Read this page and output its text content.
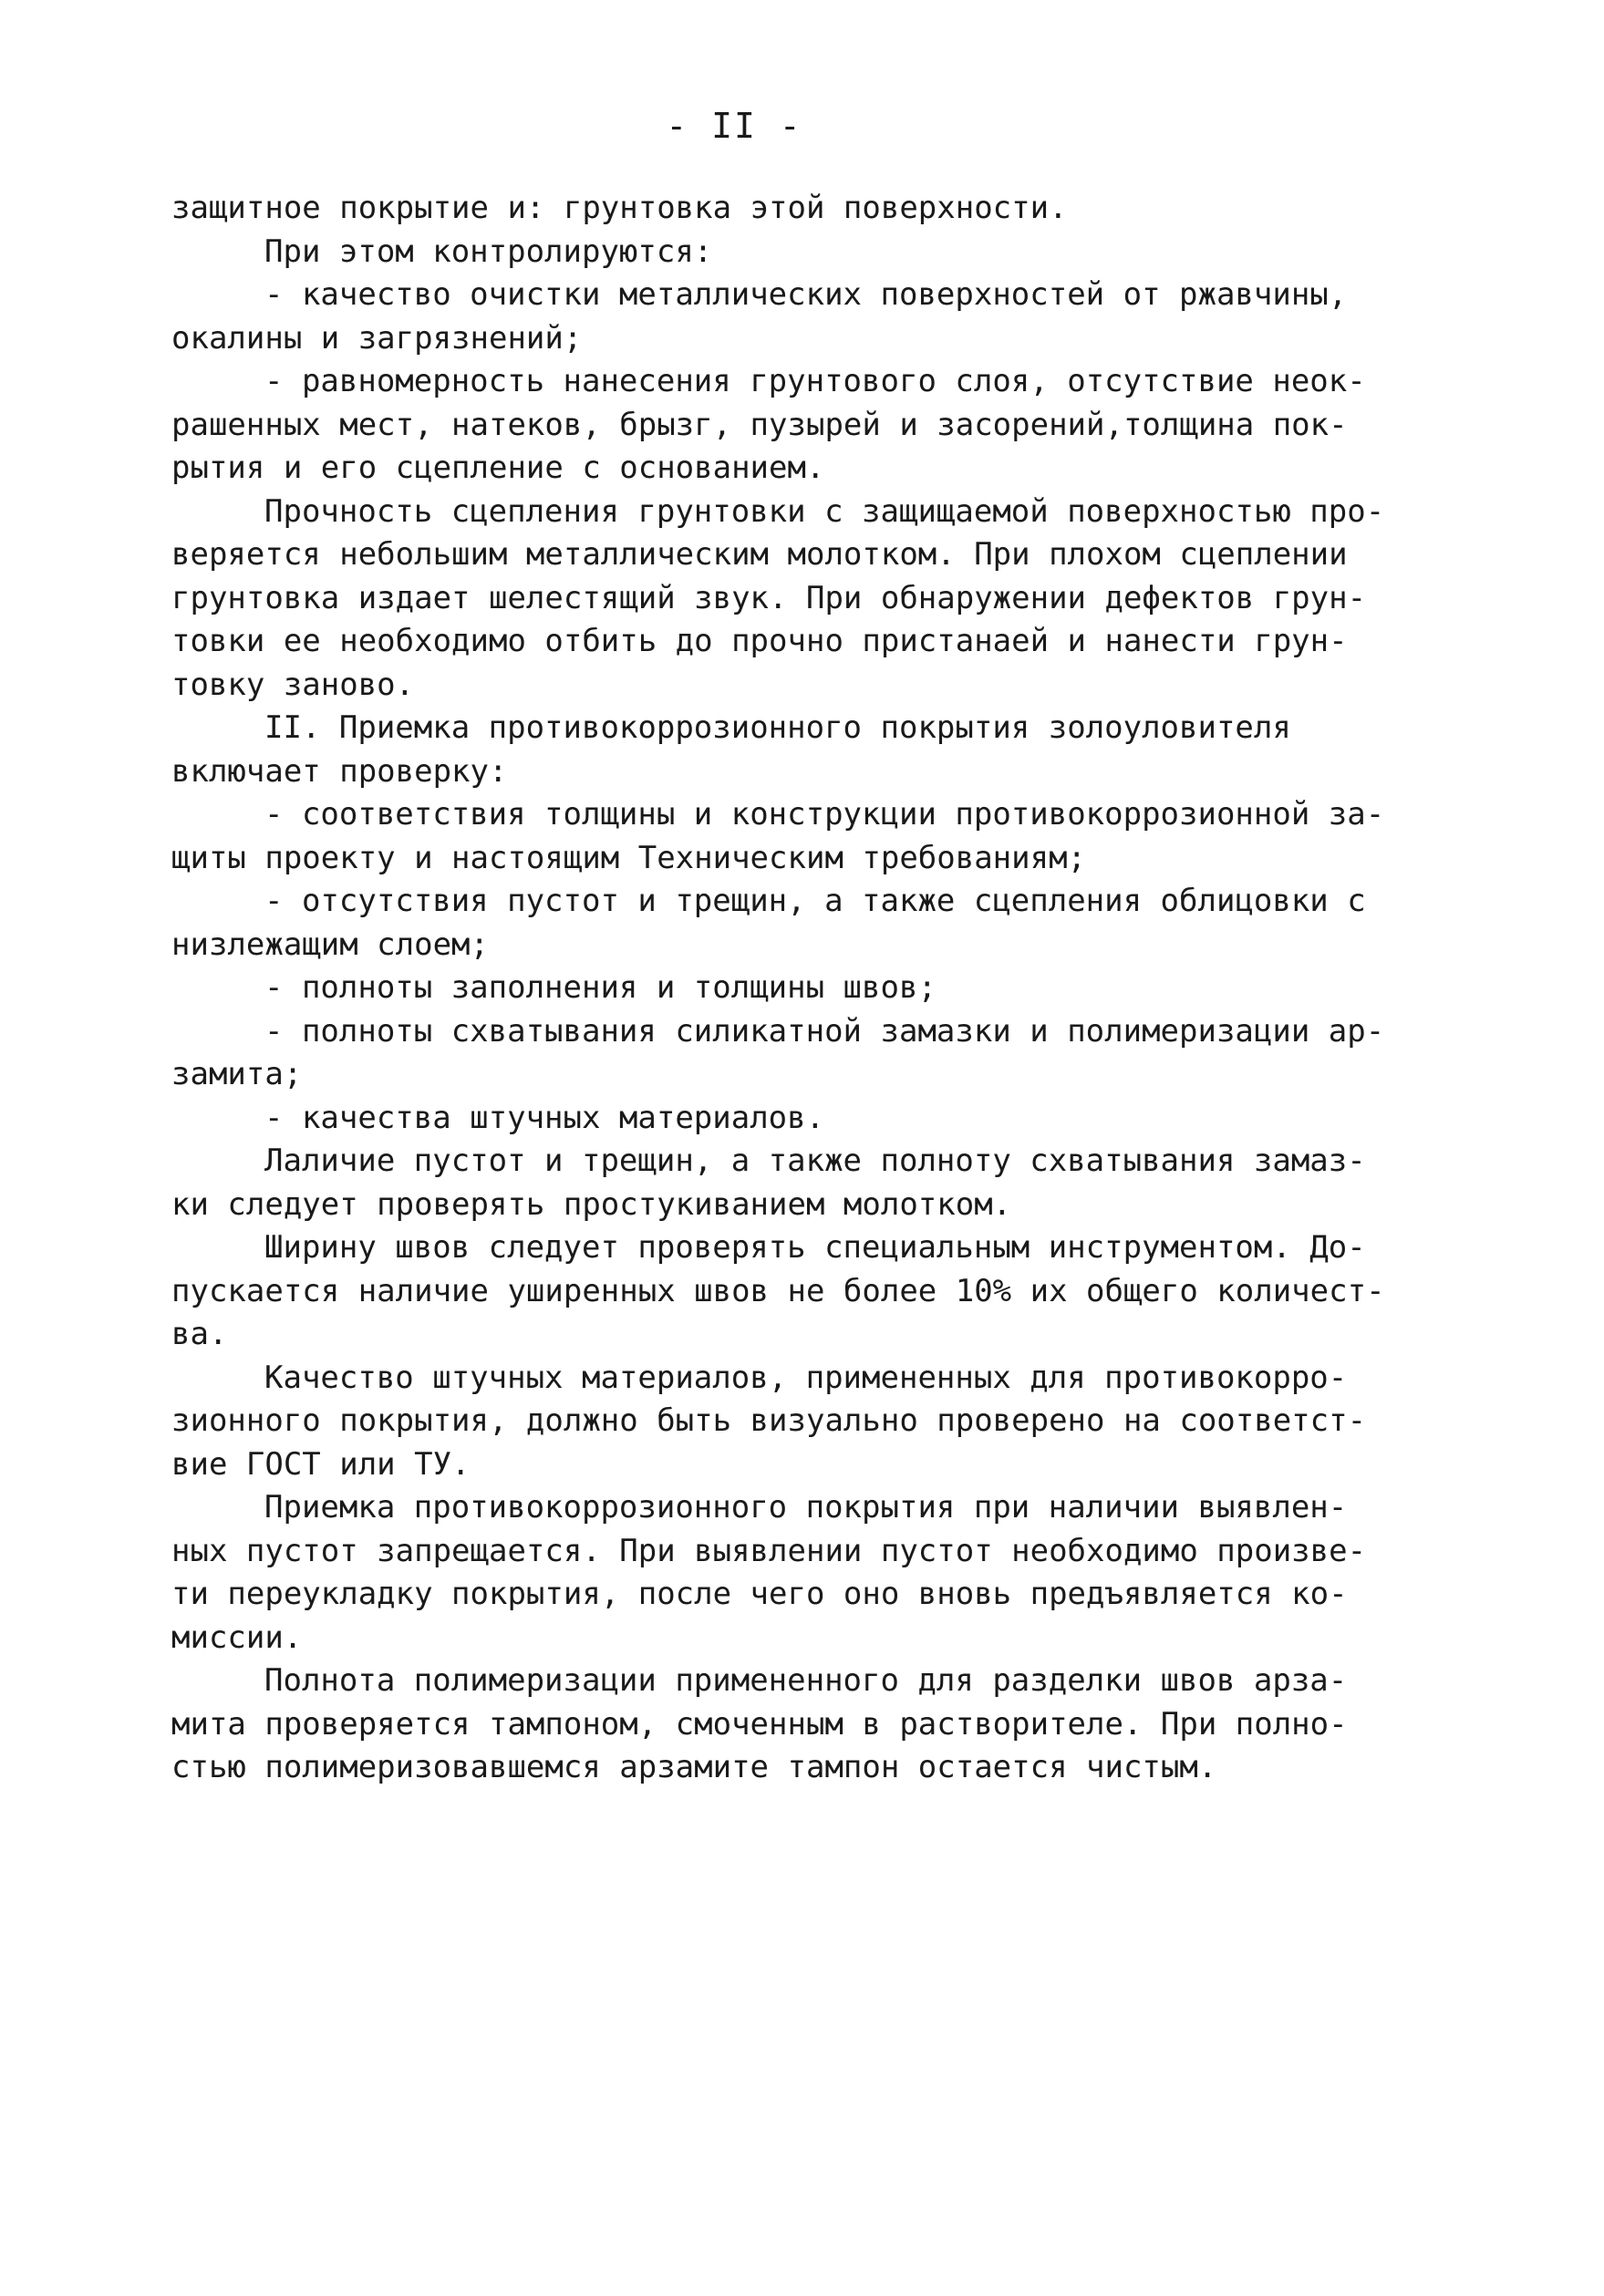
- II -
защитное покрытие и: грунтовка этой поверхности.
При этом контролируются:
- качество очистки металлических поверхностей от ржавчины,
окалины и загрязнений;
- равномерность нанесения грунтового слоя, отсутствие неок-
рашенных мест, натеков, брызг, пузырей и засорений,толщина пок-
рытия и его сцепление с основанием.
Прочность сцепления грунтовки с защищаемой поверхностью про-
веряется небольшим металлическим молотком. При плохом сцеплении
грунтовка издает шелестящий звук. При обнаружении дефектов грун-
товки ее необходимо отбить до прочно пристанаей и нанести грун-
товку заново.
II. Приемка противокоррозионного покрытия золоуловителя
включает проверку:
- соответствия толщины и конструкции противокоррозионной за-
щиты проекту и настоящим Техническим требованиям;
- отсутствия пустот и трещин, а также сцепления облицовки с
низлежащим слоем;
- полноты заполнения и толщины швов;
- полноты схватывания силикатной замазки и полимеризации ар-
замита;
- качества штучных материалов.
Лаличие пустот и трещин, а также полноту схватывания замаз-
ки следует проверять простукиванием молотком.
Ширину швов следует проверять специальным инструментом. До-
пускается наличие уширенных швов не более 10% их общего количест-
ва.
Качество штучных материалов, примененных для противокорро-
зионного покрытия, должно быть визуально проверено на соответст-
вие ГОСТ или ТУ.
Приемка противокоррозионного покрытия при наличии выявлен-
ных пустот запрещается. При выявлении пустот необходимо произве-
ти переукладку покрытия, после чего оно вновь предъявляется ко-
миссии.
Полнота полимеризации примененного для разделки швов арза-
мита проверяется тампоном, смоченным в растворителе. При полно-
стью полимеризовавшемся арзамите тампон остается чистым.
